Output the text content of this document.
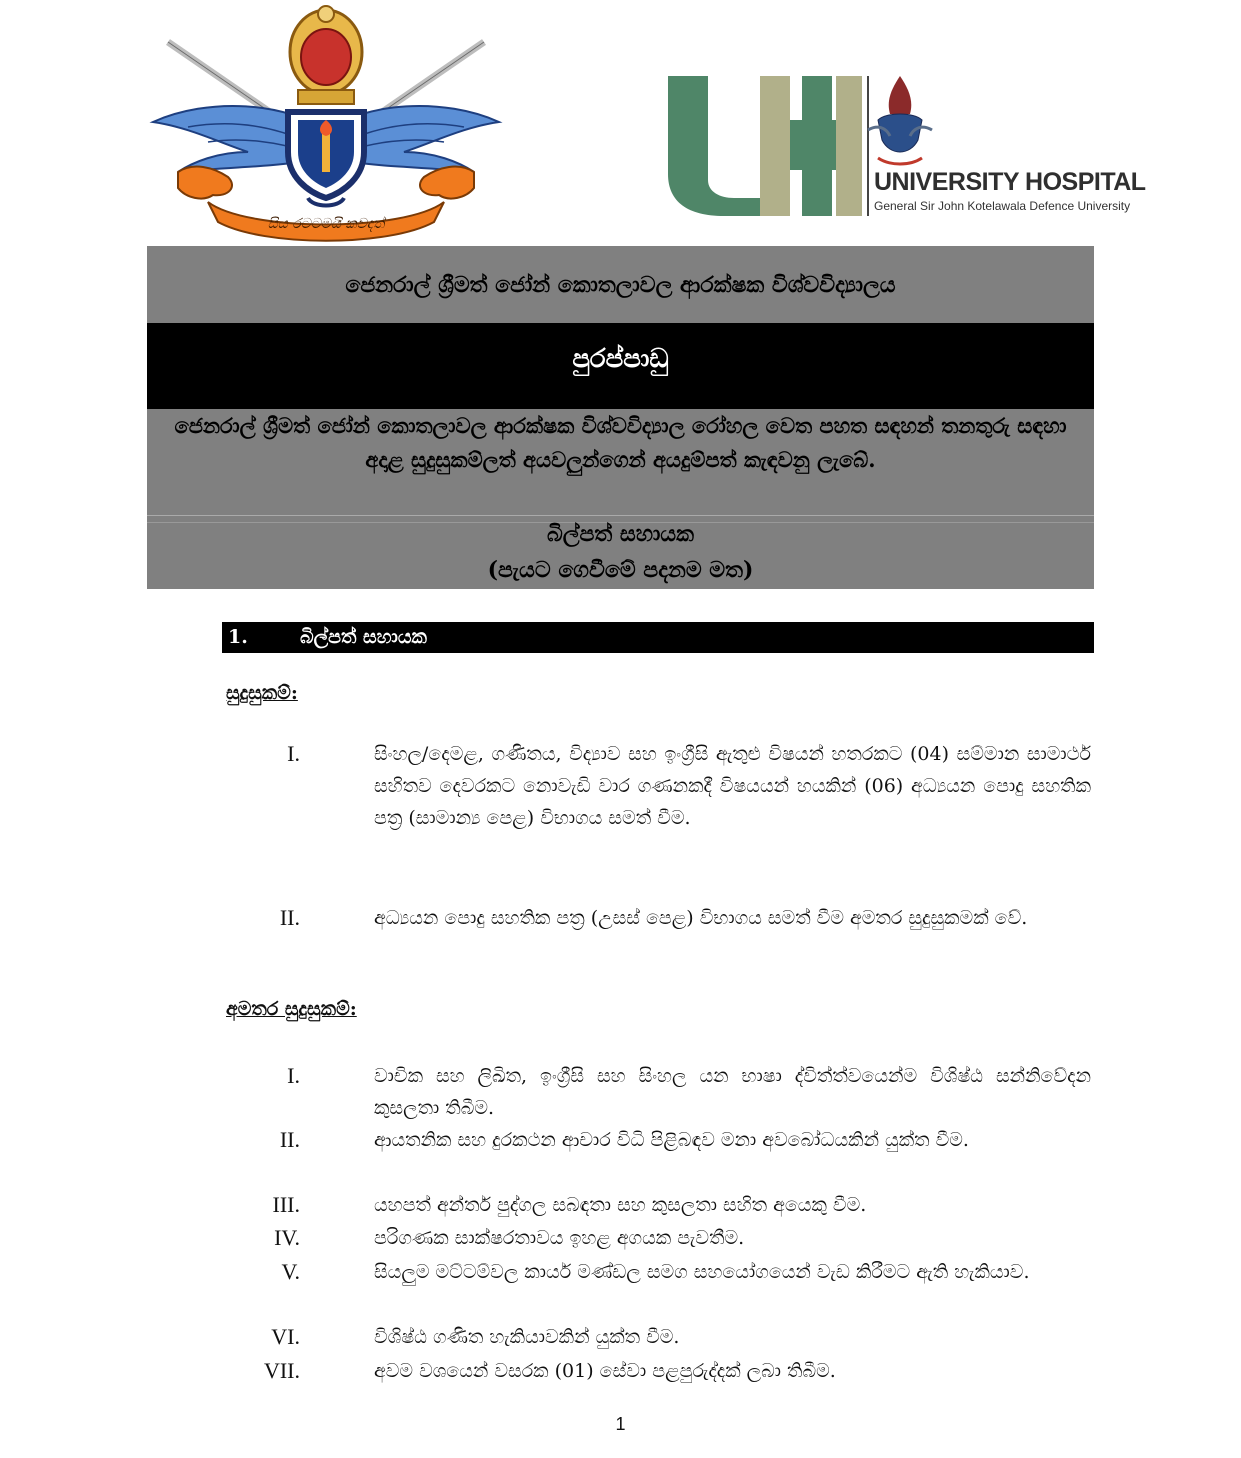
සිය රටටමයි කවදත්
UNIVERSITY HOSPITAL
General Sir John Kotelawala Defence University
ජෙනරාල් ශ්‍රීමත් ජෝන් කොතලාවල ආරක්ෂක විශ්වවිද්‍යාලය
පුරප්පාඩු
ජෙනරාල් ශ්‍රීමත් ජෝන් කොතලාවල ආරක්ෂක විශ්වවිද්‍යාල රෝහල වෙත පහත සඳහන් තනතුරු සඳහා අදාළ සුදුසුකම්ලත් අයවලුන්ගෙන් අයදුම්පත් කැඳවනු ලැබේ.
බිල්පත් සහායක
(පැයට ගෙවීමේ පදනම මත)
1.	බිල්පත් සහායක
සුදුසුකම්:
I.	සිංහල/දෙමළ, ගණිතය, විද්‍යාව සහ ඉංග්‍රීසි ඇතුළු විෂයන් හතරකට (04) සම්මාන සාමාර්ථ සහිතව දෙවරකට නොවැඩි වාර ගණනකදී විෂයයන් හයකින් (06) අධ්‍යයන පොදු සහතික පත්‍ර (සාමාන්‍ය පෙළ) විභාගය සමත් වීම.
II.	අධ්‍යයන පොදු සහතික පත්‍ර (උසස් පෙළ) විභාගය සමත් වීම අමතර සුදුසුකමක් වේ.
අමතර සුදුසුකම්:
I.	වාචික සහ ලිඛිත, ඉංග්‍රීසි සහ සිංහල යන භාෂා ද්විත්ත්වයෙන්ම විශිෂ්ඨ සන්නිවේදන කුසලතා තිබීම.
II.	ආයතනික සහ දුරකථන ආචාර විධි පිළිබඳව මනා අවබෝධයකින් යුක්ත වීම.
III.	යහපත් අන්තර් පුද්ගල සබඳතා සහ කුසලතා සහිත අයෙකු වීම.
IV.	පරිගණක සාක්ෂරතාවය ඉහළ අගයක පැවතීම.
V.	සියලුම මට්ටම්වල කාර්ය මණ්ඩල සමග සහයෝගයෙන් වැඩ කිරීමට ඇති හැකියාව.
VI.	විශිෂ්ඨ ගණිත හැකියාවකින් යුක්ත වීම.
VII.	අවම වශයෙන් වසරක (01) සේවා පළපුරුද්දක් ලබා තිබීම.
1
